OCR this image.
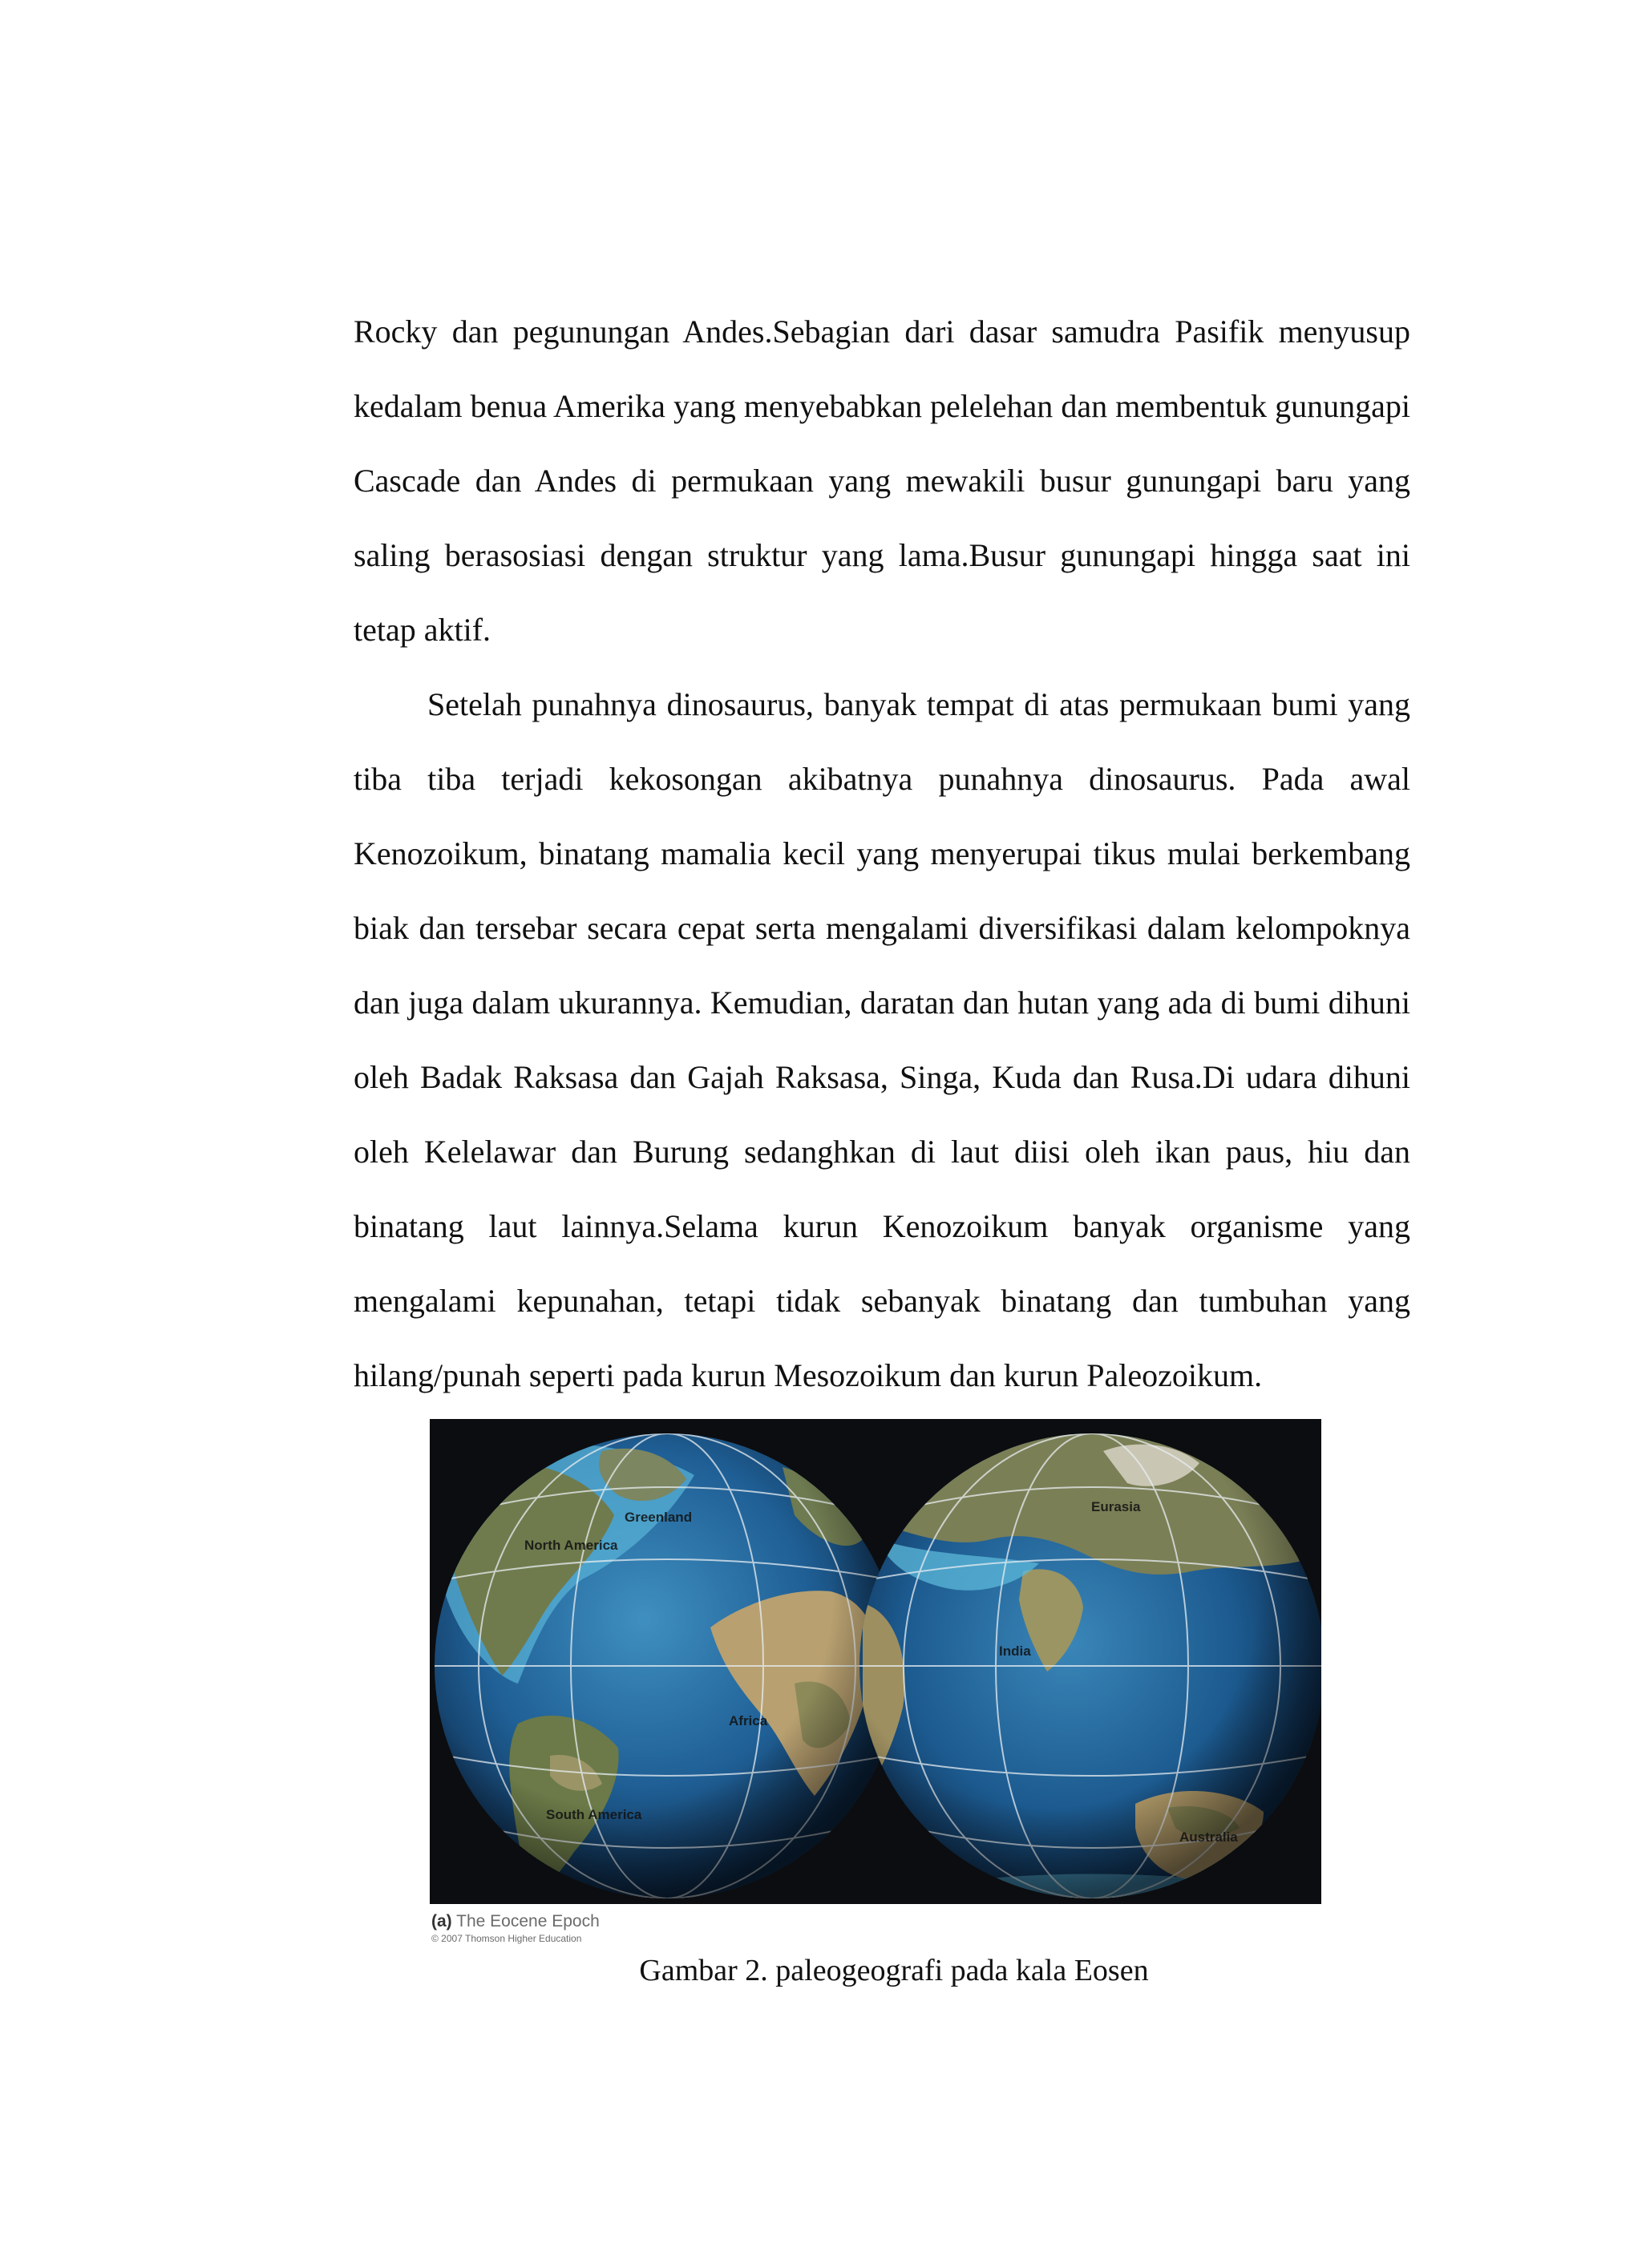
Rocky dan pegunungan Andes.Sebagian dari dasar samudra Pasifik menyusup kedalam benua Amerika yang menyebabkan pelelehan dan membentuk gunungapi Cascade dan Andes di permukaan yang mewakili busur gunungapi baru yang saling berasosiasi dengan struktur yang lama.Busur gunungapi hingga saat ini tetap aktif.

Setelah punahnya dinosaurus, banyak tempat di atas permukaan bumi yang tiba tiba terjadi kekosongan akibatnya punahnya dinosaurus. Pada awal Kenozoikum, binatang mamalia kecil yang menyerupai tikus mulai berkembang biak dan tersebar secara cepat serta mengalami diversifikasi dalam kelompoknya dan juga dalam ukurannya. Kemudian, daratan dan hutan yang ada di bumi dihuni oleh Badak Raksasa dan Gajah Raksasa, Singa, Kuda dan Rusa.Di udara dihuni oleh Kelelawar dan Burung sedanghkan di laut diisi oleh ikan paus, hiu dan binatang laut lainnya.Selama kurun Kenozoikum banyak organisme yang mengalami kepunahan, tetapi tidak sebanyak binatang dan tumbuhan yang hilang/punah seperti pada kurun Mesozoikum dan kurun Paleozoikum.

Greenland
North America
Africa
South America
Eurasia
India
Australia
(a) The Eocene Epoch
© 2007 Thomson Higher Education
Gambar 2. paleogeografi pada kala Eosen
